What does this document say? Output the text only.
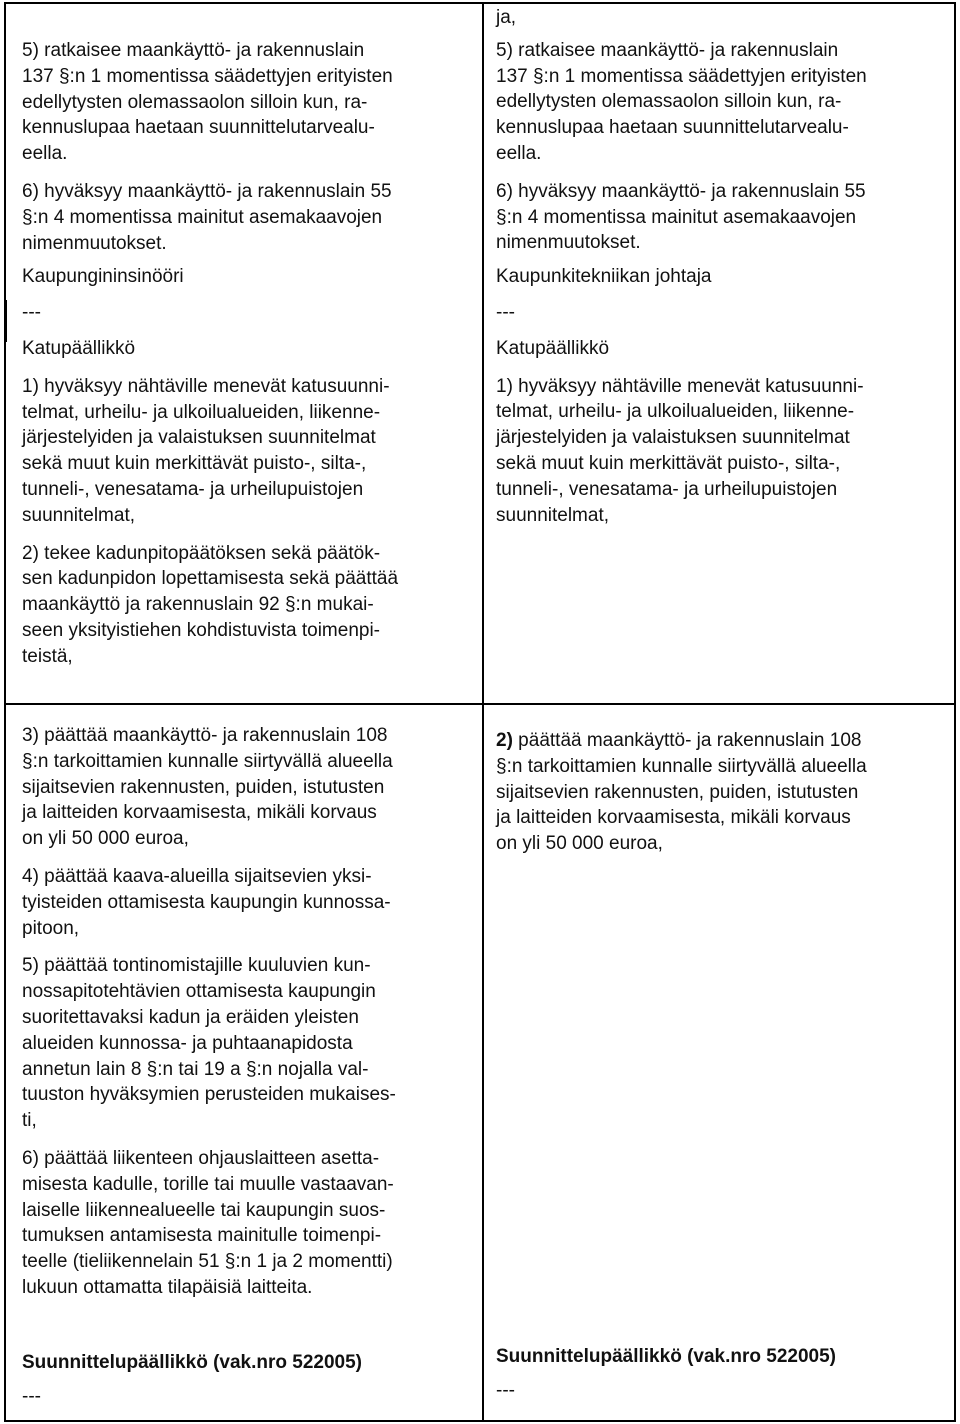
5) ratkaisee maankäyttö- ja rakennuslain
137 §:n 1 momentissa säädettyjen erityisten
edellytysten olemassaolon silloin kun, ra-
kennuslupaa haetaan suunnittelutarvealu-
eella.

6) hyväksyy maankäyttö- ja rakennuslain 55
§:n 4 momentissa mainitut asemakaavojen
nimenmuutokset.

Kaupungininsinööri

---

Katupäällikkö

1) hyväksyy nähtäville menevät katusuunni-
telmat, urheilu- ja ulkoilualueiden, liikenne-
järjestelyiden ja valaistuksen suunnitelmat
sekä muut kuin merkittävät puisto-, silta-,
tunneli-, venesatama- ja urheilupuistojen
suunnitelmat,

2) tekee kadunpitopäätöksen sekä päätök-
sen kadunpidon lopettamisesta sekä päättää
maankäyttö ja rakennuslain 92 §:n mukai-
seen yksityistiehen kohdistuvista toimenpi-
teistä,

ja,

5) ratkaisee maankäyttö- ja rakennuslain
137 §:n 1 momentissa säädettyjen erityisten
edellytysten olemassaolon silloin kun, ra-
kennuslupaa haetaan suunnittelutarvealu-
eella.

6) hyväksyy maankäyttö- ja rakennuslain 55
§:n 4 momentissa mainitut asemakaavojen
nimenmuutokset.

Kaupunkitekniikan johtaja

---

Katupäällikkö

1) hyväksyy nähtäville menevät katusuunni-
telmat, urheilu- ja ulkoilualueiden, liikenne-
järjestelyiden ja valaistuksen suunnitelmat
sekä muut kuin merkittävät puisto-, silta-,
tunneli-, venesatama- ja urheilupuistojen
suunnitelmat,

3) päättää maankäyttö- ja rakennuslain 108
§:n tarkoittamien kunnalle siirtyvällä alueella
sijaitsevien rakennusten, puiden, istutusten
ja laitteiden korvaamisesta, mikäli korvaus
on yli 50 000 euroa,

4) päättää kaava-alueilla sijaitsevien yksi-
tyisteiden ottamisesta kaupungin kunnossa-
pitoon,

5) päättää tontinomistajille kuuluvien kun-
nossapitotehtävien ottamisesta kaupungin
suoritettavaksi kadun ja eräiden yleisten
alueiden kunnossa- ja puhtaanapidosta
annetun lain 8 §:n tai 19 a §:n nojalla val-
tuuston hyväksymien perusteiden mukaises-
ti,

6) päättää liikenteen ohjauslaitteen asetta-
misesta kadulle, torille tai muulle vastaavan-
laiselle liikennealueelle tai kaupungin suos-
tumuksen antamisesta mainitulle toimenpi-
teelle (tieliikennelain 51 §:n 1 ja 2 momentti)
lukuun ottamatta tilapäisiä laitteita.

Suunnittelupäällikkö (vak.nro 522005)

---

2) päättää maankäyttö- ja rakennuslain 108
§:n tarkoittamien kunnalle siirtyvällä alueella
sijaitsevien rakennusten, puiden, istutusten
ja laitteiden korvaamisesta, mikäli korvaus
on yli 50 000 euroa,

Suunnittelupäällikkö (vak.nro 522005)

---
